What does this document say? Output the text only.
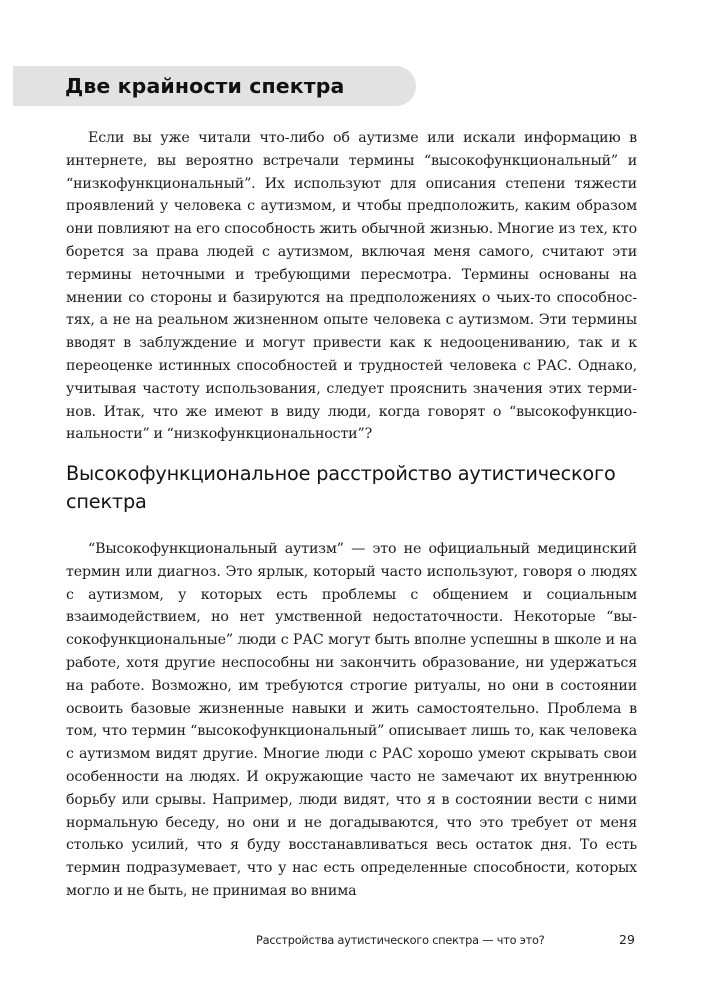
Две крайности спектра

Если вы уже читали что-либо об аутизме или искали информацию в интернете, вы вероятно встречали термины “высокофункциональный” и “низкофункциональный”. Их используют для описания степени тяжести проявлений у человека с аутизмом, и чтобы предположить, каким образом они повлияют на его способность жить обычной жизнью. Многие из тех, кто борется за права людей с аутизмом, включая меня самого, считают эти термины неточными и требующими пересмотра. Термины основаны на мнении со стороны и базируются на предположениях о чьих-то способностях, а не на реальном жизненном опыте человека с аутизмом. Эти термины вводят в заблуждение и могут привести как к недооцениванию, так и к переоценке истинных способностей и трудностей человека с РАС. Однако, учитывая частоту использования, следует прояснить значения этих терминов. Итак, что же имеют в виду люди, когда говорят о “высокофункциональности” и “низкофункциональности”?

Высокофункциональное расстройство аутистического спектра

“Высокофункциональный аутизм” — это не официальный медицинский термин или диагноз. Это ярлык, который часто используют, говоря о людях с аутизмом, у которых есть проблемы с общением и социальным взаимодействием, но нет умственной недостаточности. Некоторые “высокофункциональные” люди с РАС могут быть вполне успешны в школе и на работе, хотя другие неспособны ни закончить образование, ни удержаться на работе. Возможно, им требуются строгие ритуалы, но они в состоянии освоить базовые жизненные навыки и жить самостоятельно. Проблема в том, что термин “высокофункциональный” описывает лишь то, как человека с аутизмом видят другие. Многие люди с РАС хорошо умеют скрывать свои особенности на людях. И окружающие часто не замечают их внутреннюю борьбу или срывы. Например, люди видят, что я в состоянии вести с ними нормальную беседу, но они и не догадываются, что это требует от меня столько усилий, что я буду восстанавливаться весь остаток дня. То есть термин подразумевает, что у нас есть определенные способности, которых могло и не быть, не принимая во внима

Расстройства аутистического спектра — что это?	29
